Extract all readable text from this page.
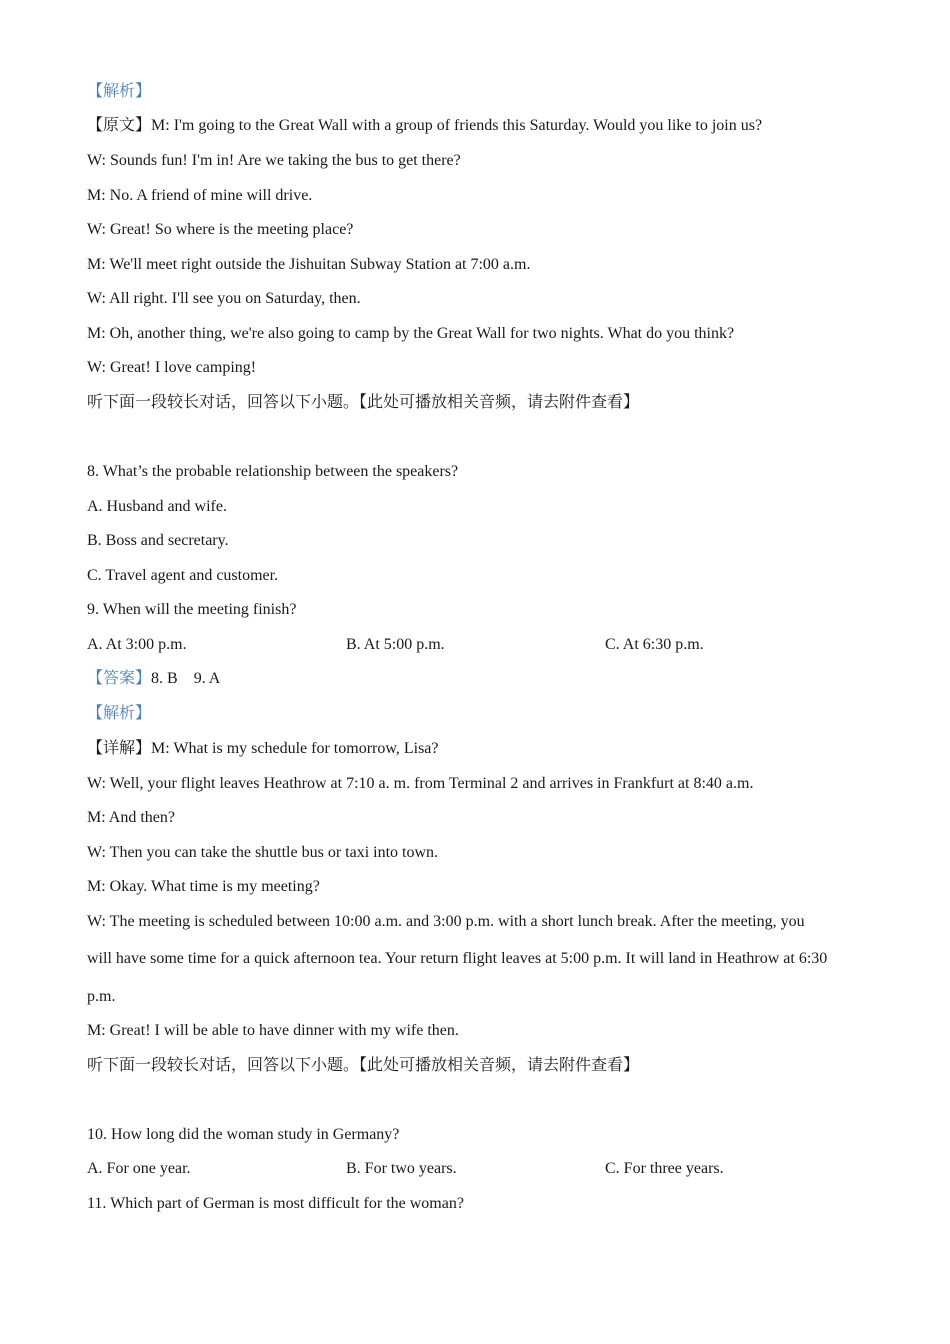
【解析】
【原文】M: I'm going to the Great Wall with a group of friends this Saturday. Would you like to join us?
W: Sounds fun! I'm in! Are we taking the bus to get there?
M: No. A friend of mine will drive.
W: Great! So where is the meeting place?
M: We'll meet right outside the Jishuitan Subway Station at 7:00 a.m.
W: All right. I'll see you on Saturday, then.
M: Oh, another thing, we're also going to camp by the Great Wall for two nights. What do you think?
W: Great! I love camping!
听下面一段较长对话，回答以下小题。【此处可播放相关音频，请去附件查看】
8. What’s the probable relationship between the speakers?
A. Husband and wife.
B. Boss and secretary.
C. Travel agent and customer.
9. When will the meeting finish?
A. At 3:00 p.m.	B. At 5:00 p.m.	C. At 6:30 p.m.
【答案】8. B    9. A
【解析】
【详解】M: What is my schedule for tomorrow, Lisa?
W: Well, your flight leaves Heathrow at 7:10 a. m. from Terminal 2 and arrives in Frankfurt at 8:40 a.m.
M: And then?
W: Then you can take the shuttle bus or taxi into town.
M: Okay. What time is my meeting?
W: The meeting is scheduled between 10:00 a.m. and 3:00 p.m. with a short lunch break. After the meeting, you
will have some time for a quick afternoon tea. Your return flight leaves at 5:00 p.m. It will land in Heathrow at 6:30
p.m.
M: Great! I will be able to have dinner with my wife then.
听下面一段较长对话，回答以下小题。【此处可播放相关音频，请去附件查看】
10. How long did the woman study in Germany?
A. For one year.	B. For two years.	C. For three years.
11. Which part of German is most difficult for the woman?
